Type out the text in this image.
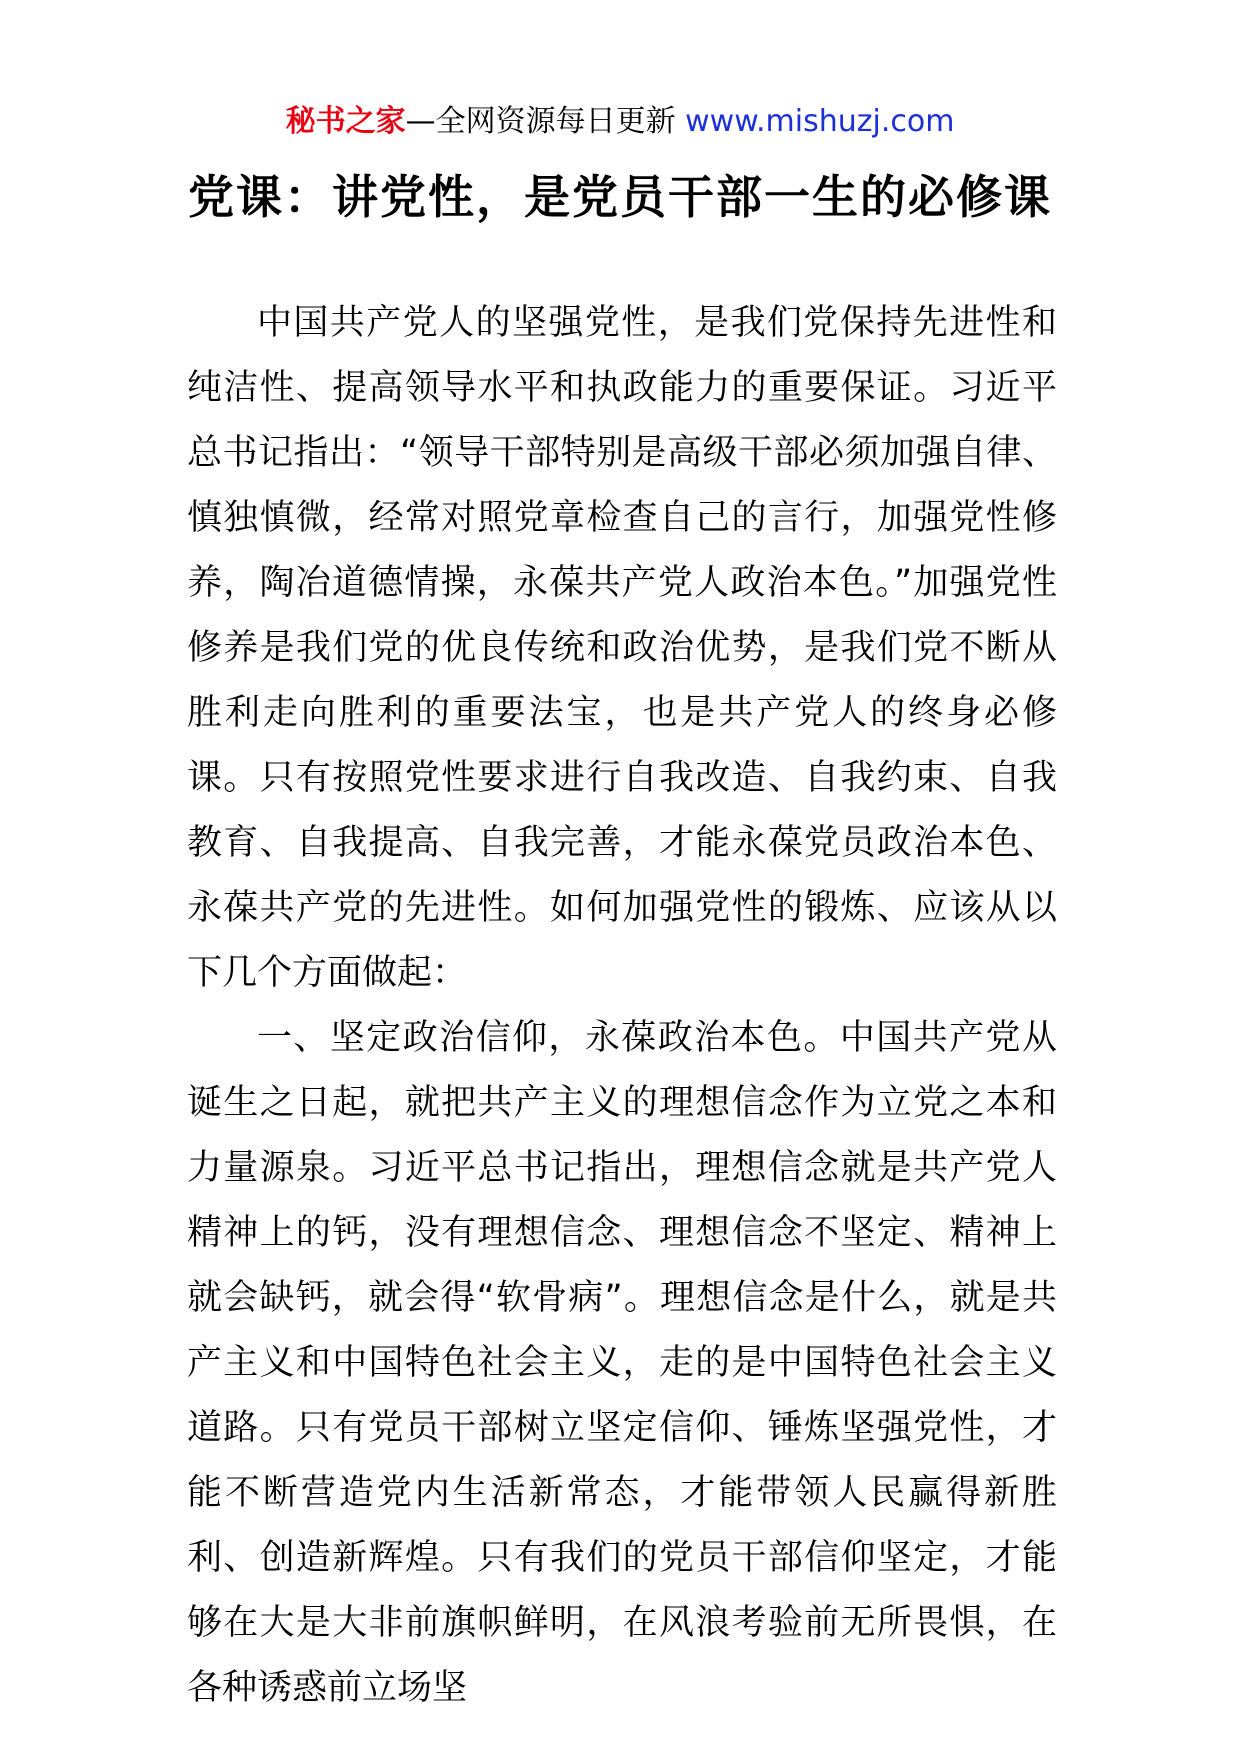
秘书之家—全网资源每日更新 www.mishuzj.com
党课：讲党性，是党员干部一生的必修课

中国共产党人的坚强党性，是我们党保持先进性和纯洁性、提高领导水平和执政能力的重要保证。习近平总书记指出：“领导干部特别是高级干部必须加强自律、慎独慎微，经常对照党章检查自己的言行，加强党性修养，陶冶道德情操，永葆共产党人政治本色。”加强党性修养是我们党的优良传统和政治优势，是我们党不断从胜利走向胜利的重要法宝，也是共产党人的终身必修课。只有按照党性要求进行自我改造、自我约束、自我教育、自我提高、自我完善，才能永葆党员政治本色、永葆共产党的先进性。如何加强党性的锻炼、应该从以下几个方面做起：

一、坚定政治信仰，永葆政治本色。中国共产党从诞生之日起，就把共产主义的理想信念作为立党之本和力量源泉。习近平总书记指出，理想信念就是共产党人精神上的钙，没有理想信念、理想信念不坚定、精神上就会缺钙，就会得“软骨病”。理想信念是什么，就是共产主义和中国特色社会主义，走的是中国特色社会主义道路。只有党员干部树立坚定信仰、锤炼坚强党性，才能不断营造党内生活新常态，才能带领人民赢得新胜利、创造新辉煌。只有我们的党员干部信仰坚定，才能够在大是大非前旗帜鲜明，在风浪考验前无所畏惧，在各种诱惑前立场坚
